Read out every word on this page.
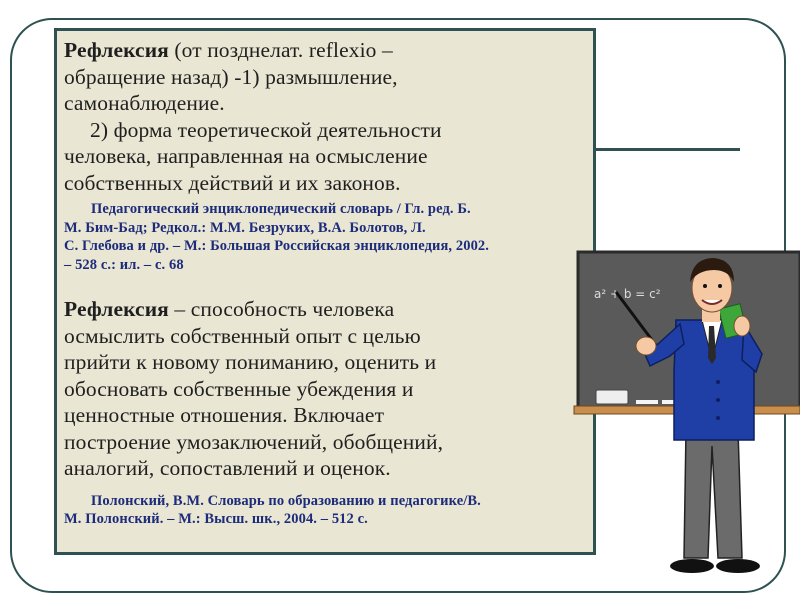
Рефлексия (от позднелат. reflexio –
обращение назад) -1) размышление,
самонаблюдение.
2) форма теоретической деятельности
человека, направленная на осмысление
собственных действий и их законов.

Педагогический энциклопедический словарь / Гл. ред. Б.
М. Бим-Бад; Редкол.: М.М. Безруких, В.А. Болотов, Л.
С. Глебова и др. – М.: Большая Российская энциклопедия, 2002.
– 528 с.: ил. – с. 68

Рефлексия – способность человека
осмыслить собственный опыт с целью
прийти к новому пониманию, оценить и
обосновать собственные убеждения и
ценностные отношения. Включает
построение умозаключений, обобщений,
аналогий, сопоставлений и оценок.

Полонский, В.М. Словарь по образованию и педагогике/В.
М. Полонский. – М.: Высш. шк., 2004. – 512 с.

a² + b = c²
